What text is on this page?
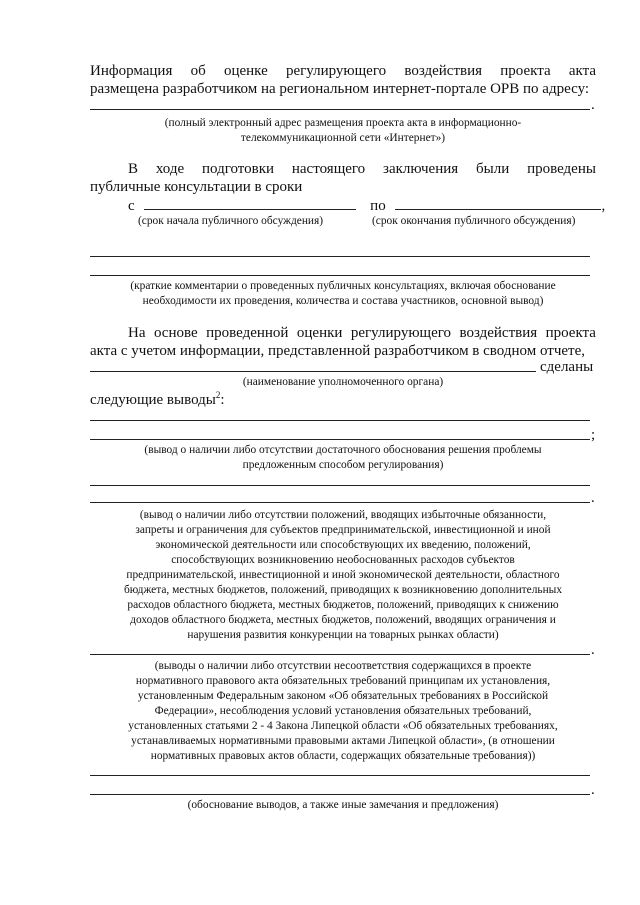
Информация об оценке регулирующего воздействия проекта акта
размещена разработчиком на региональном интернет-портале ОРВ по адресу:
.
(полный электронный адрес размещения проекта акта в информационно-
телекоммуникационной сети «Интернет»)
В ходе подготовки настоящего заключения были проведены
публичные консультации в сроки
с	по	,
(срок начала публичного обсуждения)	(срок окончания публичного обсуждения)
(краткие комментарии о проведенных публичных консультациях, включая обоснование
необходимости их проведения, количества и состава участников, основной вывод)
На основе проведенной оценки регулирующего воздействия проекта
акта с учетом информации, представленной разработчиком в сводном отчете,
сделаны
(наименование уполномоченного органа)
следующие выводы$^2$:
;
(вывод о наличии либо отсутствии достаточного обоснования решения проблемы
предложенным способом регулирования)
.
(вывод о наличии либо отсутствии положений, вводящих избыточные обязанности,
запреты и ограничения для субъектов предпринимательской, инвестиционной и иной
экономической деятельности или способствующих их введению, положений,
способствующих возникновению необоснованных расходов субъектов
предпринимательской, инвестиционной и иной экономической деятельности, областного
бюджета, местных бюджетов, положений, приводящих к возникновению дополнительных
расходов областного бюджета, местных бюджетов, положений, приводящих к снижению
доходов областного бюджета, местных бюджетов, положений, вводящих ограничения и
нарушения развития конкуренции на товарных рынках области)
.
(выводы о наличии либо отсутствии несоответствия содержащихся в проекте
нормативного правового акта обязательных требований принципам их установления,
установленным Федеральным законом «Об обязательных требованиях в Российской
Федерации», несоблюдения условий установления обязательных требований,
установленных статьями 2 - 4 Закона Липецкой области «Об обязательных требованиях,
устанавливаемых нормативными правовыми актами Липецкой области», (в отношении
нормативных правовых актов области, содержащих обязательные требования))
.
(обоснование выводов, а также иные замечания и предложения)
